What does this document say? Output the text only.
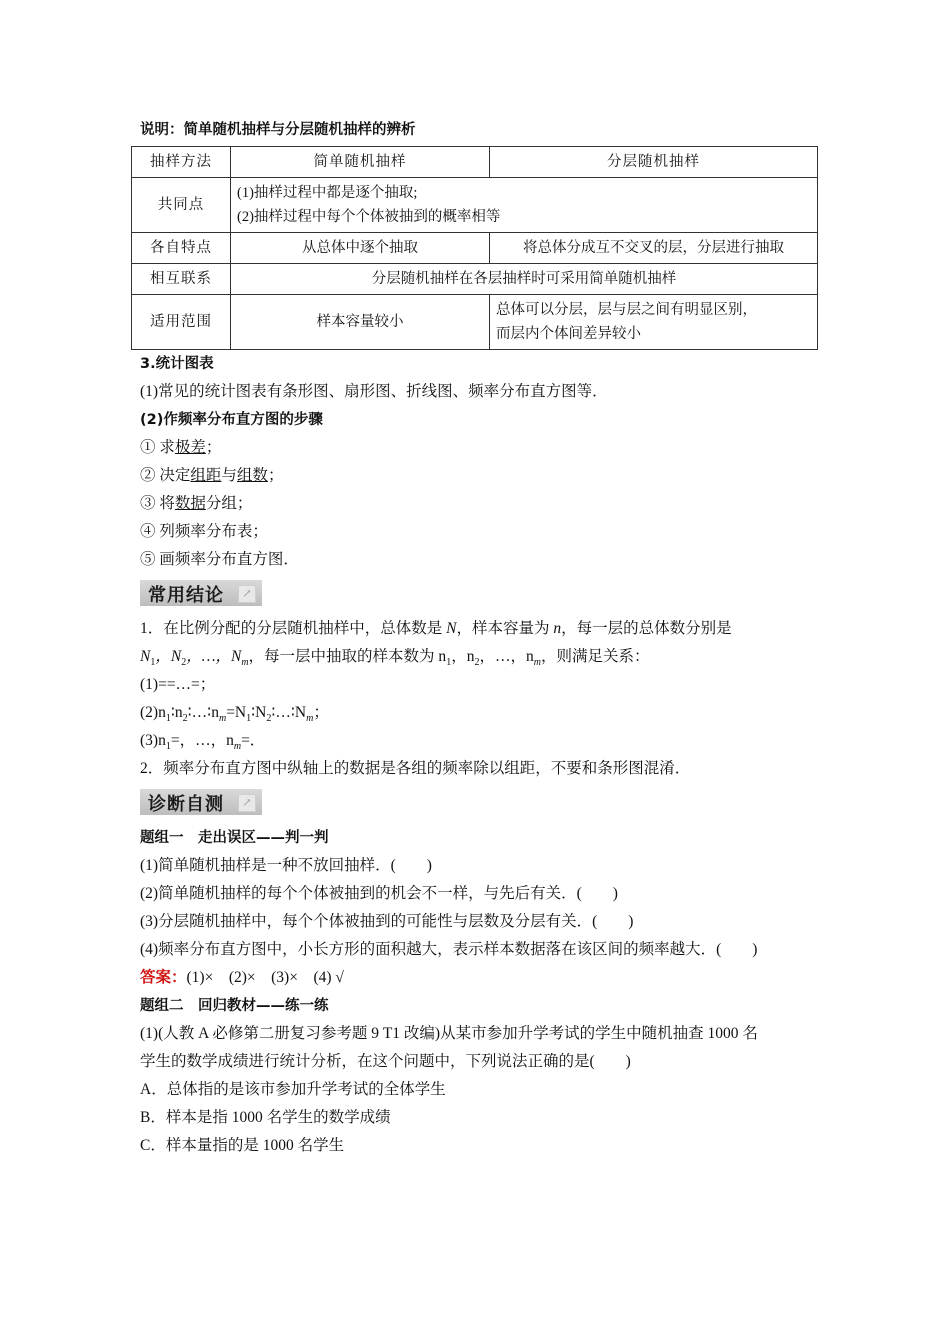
说明：简单随机抽样与分层随机抽样的辨析
抽样方法	简单随机抽样	分层随机抽样
共同点	(1)抽样过程中都是逐个抽取;
(2)抽样过程中每个个体被抽到的概率相等	

各自特点	从总体中逐个抽取	将总体分成互不交叉的层，分层进行抽取
相互联系	分层随机抽样在各层抽样时可采用简单随机抽样	
适用范围	样本容量较小	总体可以分层，层与层之间有明显区别，
而层内个体间差异较小
3.统计图表
(1)常见的统计图表有条形图、扇形图、折线图、频率分布直方图等．
(2)作频率分布直方图的步骤
① 求极差；
② 决定组距与组数；
③ 将数据分组；
④ 列频率分布表；
⑤ 画频率分布直方图．
常用结论	↗
1．在比例分配的分层随机抽样中，总体数是 N，样本容量为 n，每一层的总体数分别是
$N_1$，$N_2$，…，$N_m$，每一层中抽取的样本数为 $n_1$，$n_2$，…，$n_m$，则满足关系：
(1)==…=；
$(2)n_1∶n_2∶\dots∶n_m=N_1∶N_2∶\dots∶N_m$；
$(3)n_1=$，…，$n_m=$．
2．频率分布直方图中纵轴上的数据是各组的频率除以组距，不要和条形图混淆．
诊断自测	↗
题组一　走出误区——判一判
(1)简单随机抽样是一种不放回抽样．(　　)
(2)简单随机抽样的每个个体被抽到的机会不一样，与先后有关．(　　)
(3)分层随机抽样中，每个个体被抽到的可能性与层数及分层有关．(　　)
(4)频率分布直方图中，小长方形的面积越大，表示样本数据落在该区间的频率越大．(　　)
答案：(1)×　(2)×　(3)×　(4) √
题组二　回归教材——练一练
(1)(人教 A 必修第二册复习参考题 9 T1 改编)从某市参加升学考试的学生中随机抽查 1000 名
学生的数学成绩进行统计分析，在这个问题中，下列说法正确的是(　　)
A．总体指的是该市参加升学考试的全体学生
B．样本是指 1000 名学生的数学成绩
C．样本量指的是 1000 名学生
